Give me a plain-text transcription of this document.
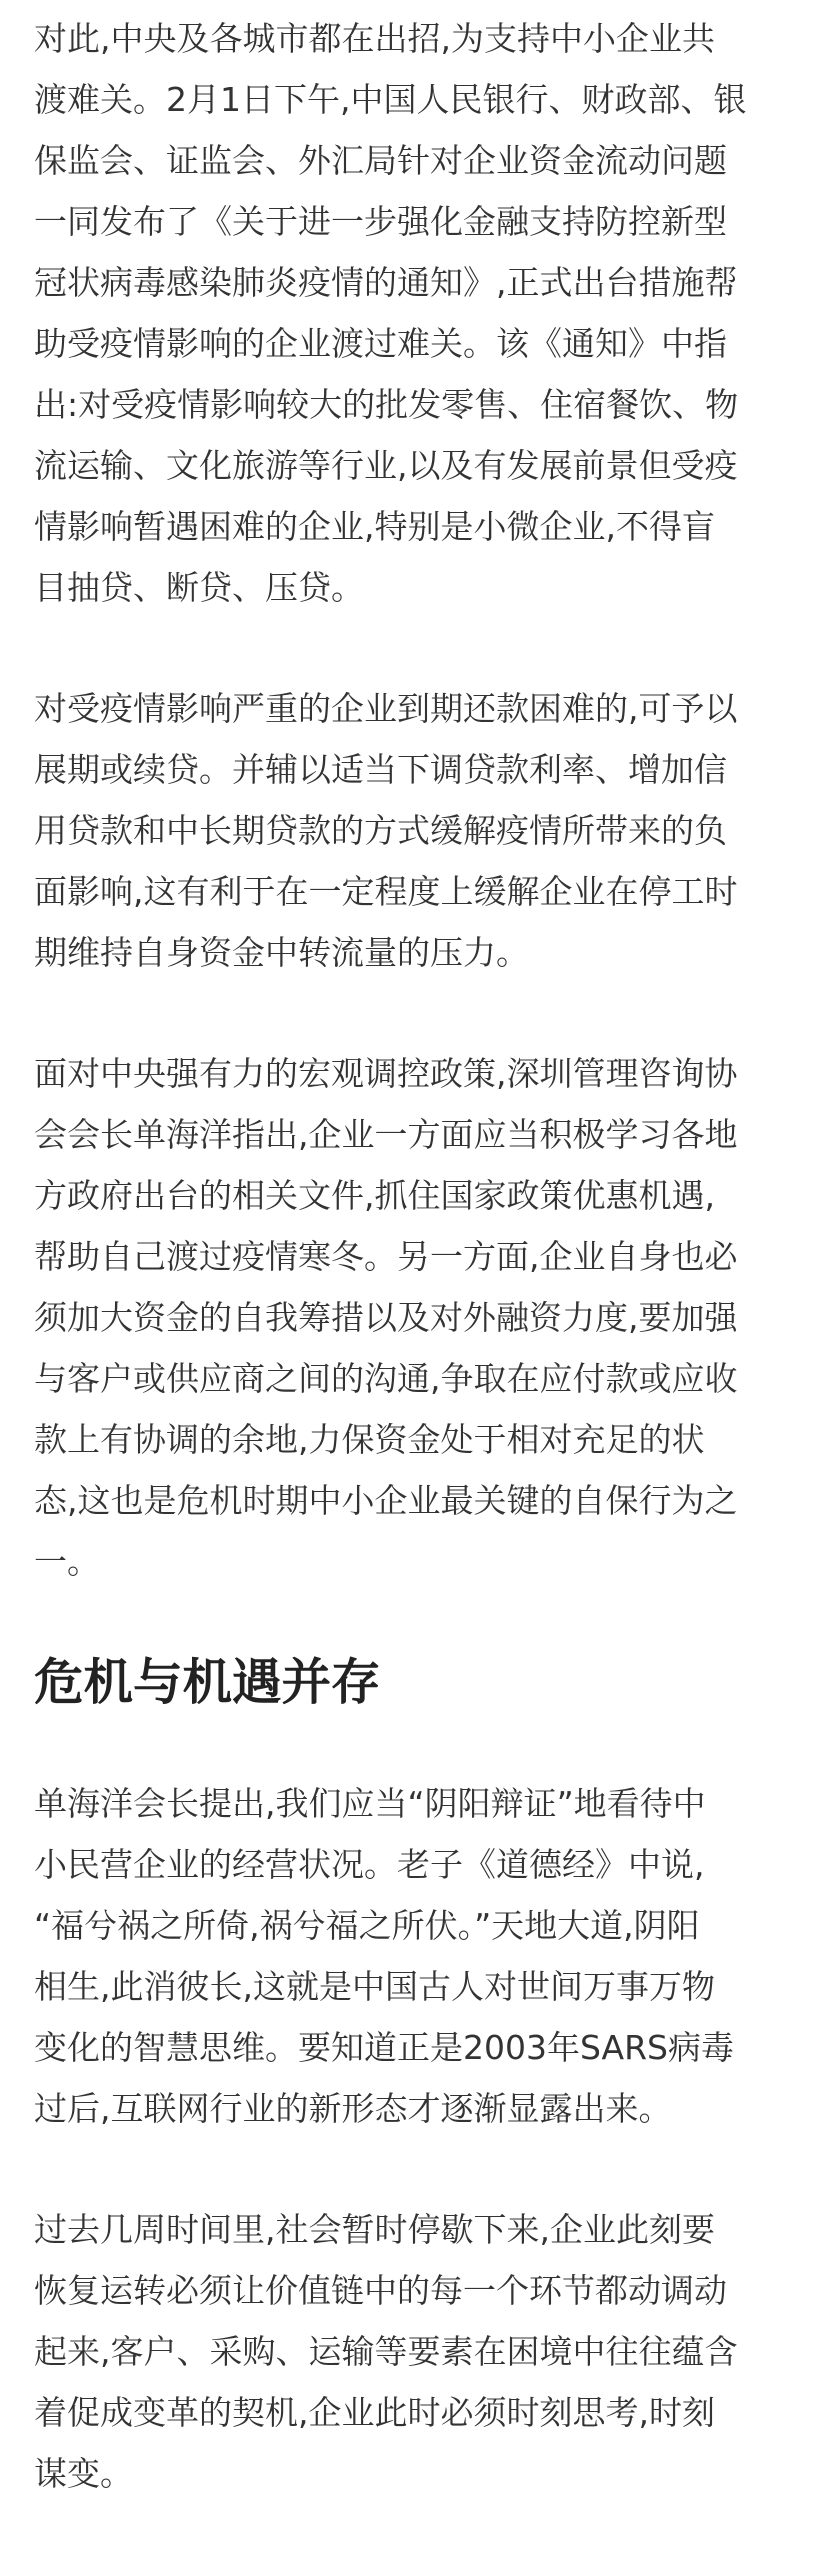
对此,中央及各城市都在出招,为支持中小企业共
渡难关。2月1日下午,中国人民银行、财政部、银
保监会、证监会、外汇局针对企业资金流动问题
一同发布了《关于进一步强化金融支持防控新型
冠状病毒感染肺炎疫情的通知》,正式出台措施帮
助受疫情影响的企业渡过难关。该《通知》中指
出:对受疫情影响较大的批发零售、住宿餐饮、物
流运输、文化旅游等行业,以及有发展前景但受疫
情影响暂遇困难的企业,特别是小微企业,不得盲
目抽贷、断贷、压贷。

对受疫情影响严重的企业到期还款困难的,可予以
展期或续贷。并辅以适当下调贷款利率、增加信
用贷款和中长期贷款的方式缓解疫情所带来的负
面影响,这有利于在一定程度上缓解企业在停工时
期维持自身资金中转流量的压力。

面对中央强有力的宏观调控政策,深圳管理咨询协
会会长单海洋指出,企业一方面应当积极学习各地
方政府出台的相关文件,抓住国家政策优惠机遇,
帮助自己渡过疫情寒冬。另一方面,企业自身也必
须加大资金的自我筹措以及对外融资力度,要加强
与客户或供应商之间的沟通,争取在应付款或应收
款上有协调的余地,力保资金处于相对充足的状
态,这也是危机时期中小企业最关键的自保行为之
一。

危机与机遇并存

单海洋会长提出,我们应当“阴阳辩证”地看待中
小民营企业的经营状况。老子《道德经》中说,
“福兮祸之所倚,祸兮福之所伏。”天地大道,阴阳
相生,此消彼长,这就是中国古人对世间万事万物
变化的智慧思维。要知道正是2003年SARS病毒
过后,互联网行业的新形态才逐渐显露出来。

过去几周时间里,社会暂时停歇下来,企业此刻要
恢复运转必须让价值链中的每一个环节都动调动
起来,客户、采购、运输等要素在困境中往往蕴含
着促成变革的契机,企业此时必须时刻思考,时刻
谋变。
